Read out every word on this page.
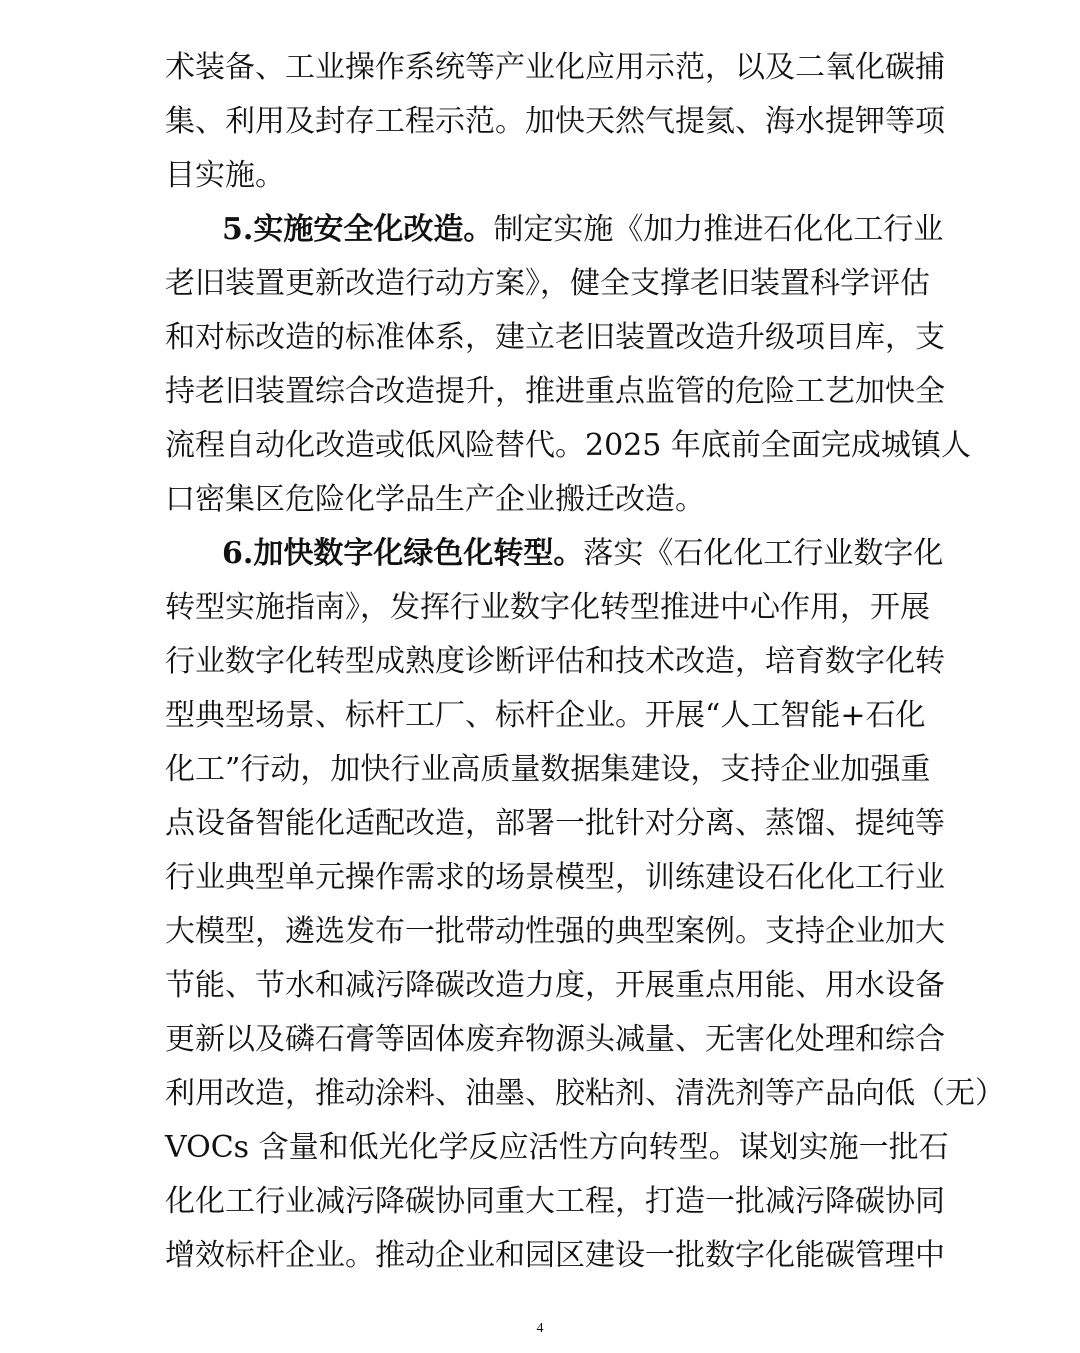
术装备、工业操作系统等产业化应用示范，以及二氧化碳捕
集、利用及封存工程示范。加快天然气提氦、海水提钾等项
目实施。
5.实施安全化改造。制定实施《加力推进石化化工行业
老旧装置更新改造行动方案》，健全支撑老旧装置科学评估
和对标改造的标准体系，建立老旧装置改造升级项目库，支
持老旧装置综合改造提升，推进重点监管的危险工艺加快全
流程自动化改造或低风险替代。2025 年底前全面完成城镇人
口密集区危险化学品生产企业搬迁改造。
6.加快数字化绿色化转型。落实《石化化工行业数字化
转型实施指南》，发挥行业数字化转型推进中心作用，开展
行业数字化转型成熟度诊断评估和技术改造，培育数字化转
型典型场景、标杆工厂、标杆企业。开展“人工智能+石化
化工”行动，加快行业高质量数据集建设，支持企业加强重
点设备智能化适配改造，部署一批针对分离、蒸馏、提纯等
行业典型单元操作需求的场景模型，训练建设石化化工行业
大模型，遴选发布一批带动性强的典型案例。支持企业加大
节能、节水和减污降碳改造力度，开展重点用能、用水设备
更新以及磷石膏等固体废弃物源头减量、无害化处理和综合
利用改造，推动涂料、油墨、胶粘剂、清洗剂等产品向低（无）
VOCs 含量和低光化学反应活性方向转型。谋划实施一批石
化化工行业减污降碳协同重大工程，打造一批减污降碳协同
增效标杆企业。推动企业和园区建设一批数字化能碳管理中
4
